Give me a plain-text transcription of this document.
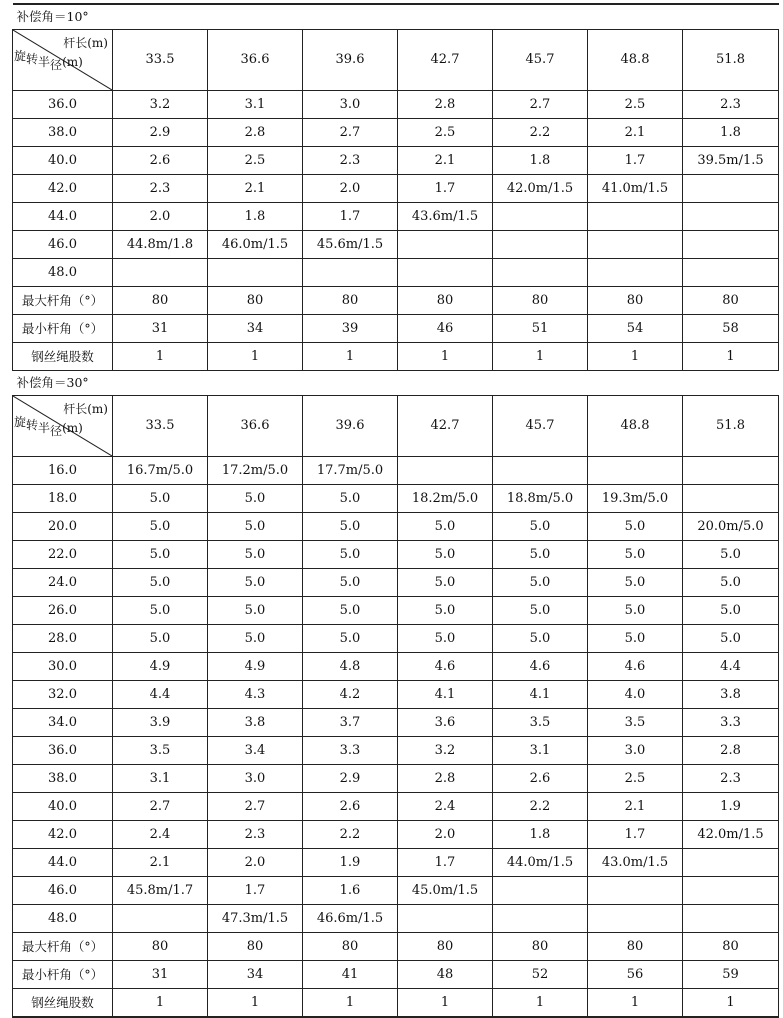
补偿角＝10°							

杆长(m)
旋转半径(m)	33.5	36.6	39.6	42.7	45.7	48.8	51.8
36.0	3.2	3.1	3.0	2.8	2.7	2.5	2.3
38.0	2.9	2.8	2.7	2.5	2.2	2.1	1.8
40.0	2.6	2.5	2.3	2.1	1.8	1.7	39.5m/1.5
42.0	2.3	2.1	2.0	1.7	42.0m/1.5	41.0m/1.5	
44.0	2.0	1.8	1.7	43.6m/1.5			
46.0	44.8m/1.8	46.0m/1.5	45.6m/1.5				
48.0							
最大杆角（°）	80	80	80	80	80	80	80
最小杆角（°）	31	34	39	46	51	54	58
钢丝绳股数	1	1	1	1	1	1	1
补偿角＝30°							

杆长(m)
旋转半径(m)	33.5	36.6	39.6	42.7	45.7	48.8	51.8
16.0	16.7m/5.0	17.2m/5.0	17.7m/5.0				
18.0	5.0	5.0	5.0	18.2m/5.0	18.8m/5.0	19.3m/5.0	
20.0	5.0	5.0	5.0	5.0	5.0	5.0	20.0m/5.0
22.0	5.0	5.0	5.0	5.0	5.0	5.0	5.0
24.0	5.0	5.0	5.0	5.0	5.0	5.0	5.0
26.0	5.0	5.0	5.0	5.0	5.0	5.0	5.0
28.0	5.0	5.0	5.0	5.0	5.0	5.0	5.0
30.0	4.9	4.9	4.8	4.6	4.6	4.6	4.4
32.0	4.4	4.3	4.2	4.1	4.1	4.0	3.8
34.0	3.9	3.8	3.7	3.6	3.5	3.5	3.3
36.0	3.5	3.4	3.3	3.2	3.1	3.0	2.8
38.0	3.1	3.0	2.9	2.8	2.6	2.5	2.3
40.0	2.7	2.7	2.6	2.4	2.2	2.1	1.9
42.0	2.4	2.3	2.2	2.0	1.8	1.7	42.0m/1.5
44.0	2.1	2.0	1.9	1.7	44.0m/1.5	43.0m/1.5	
46.0	45.8m/1.7	1.7	1.6	45.0m/1.5			
48.0		47.3m/1.5	46.6m/1.5				
最大杆角（°）	80	80	80	80	80	80	80
最小杆角（°）	31	34	41	48	52	56	59
钢丝绳股数	1	1	1	1	1	1	1
